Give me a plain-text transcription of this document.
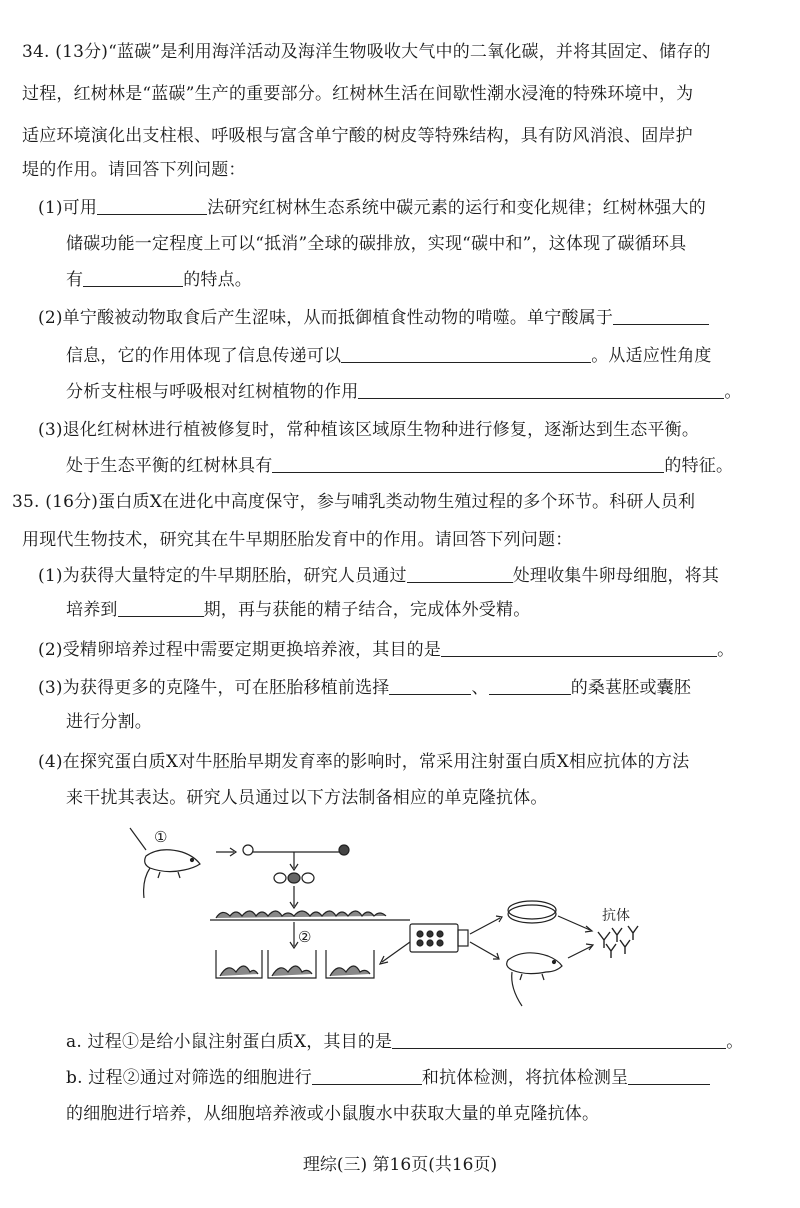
34. (13分)“蓝碳”是利用海洋活动及海洋生物吸收大气中的二氧化碳，并将其固定、储存的
过程，红树林是“蓝碳”生产的重要部分。红树林生活在间歇性潮水浸淹的特殊环境中，为
适应环境演化出支柱根、呼吸根与富含单宁酸的树皮等特殊结构，具有防风消浪、固岸护
堤的作用。请回答下列问题：
(1)可用	法研究红树林生态系统中碳元素的运行和变化规律；红树林强大的
储碳功能一定程度上可以“抵消”全球的碳排放，实现“碳中和”，这体现了碳循环具
有	的特点。
(2)单宁酸被动物取食后产生涩味，从而抵御植食性动物的啃噬。单宁酸属于
信息，它的作用体现了信息传递可以	。从适应性角度
分析支柱根与呼吸根对红树植物的作用	。
(3)退化红树林进行植被修复时，常种植该区域原生物种进行修复，逐渐达到生态平衡。
处于生态平衡的红树林具有	的特征。
35. (16分)蛋白质X在进化中高度保守，参与哺乳类动物生殖过程的多个环节。科研人员利
用现代生物技术，研究其在牛早期胚胎发育中的作用。请回答下列问题：
(1)为获得大量特定的牛早期胚胎，研究人员通过	处理收集牛卵母细胞，将其
培养到	期，再与获能的精子结合，完成体外受精。
(2)受精卵培养过程中需要定期更换培养液，其目的是	。
(3)为获得更多的克隆牛，可在胚胎移植前选择	、	的桑葚胚或囊胚
进行分割。
(4)在探究蛋白质X对牛胚胎早期发育率的影响时，常采用注射蛋白质X相应抗体的方法
来干扰其表达。研究人员通过以下方法制备相应的单克隆抗体。
①
②
抗体
a. 过程①是给小鼠注射蛋白质X，其目的是	。
b. 过程②通过对筛选的细胞进行	和抗体检测，将抗体检测呈
的细胞进行培养，从细胞培养液或小鼠腹水中获取大量的单克隆抗体。
理综(三) 第16页(共16页)
